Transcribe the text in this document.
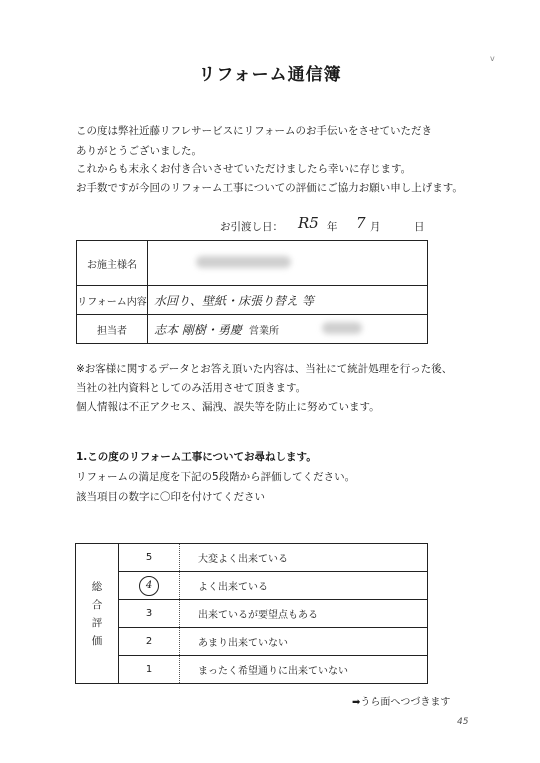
v
リフォーム通信簿
この度は弊社近藤リフレサービスにリフォームのお手伝いをさせていただき
ありがとうございました。
これからも末永くお付き合いさせていただけましたら幸いに存じます。
お手数ですが今回のリフォーム工事についての評価にご協力お願い申し上げます。
お引渡し日： R5 年 7 月	日
お施主様名	
リフォーム内容	水回り、壁紙・床張り替え 等
担当者	志本 剛樹・勇慶 営業所
※お客様に関するデータとお答え頂いた内容は、当社にて統計処理を行った後、
当社の社内資料としてのみ活用させて頂きます。
個人情報は不正アクセス、漏洩、誤失等を防止に努めています。
1.この度のリフォーム工事についてお尋ねします。
リフォームの満足度を下記の5段階から評価してください。
該当項目の数字に〇印を付けてください
総
合
評
価	5	大変よく出来ている
	4	よく出来ている
	3	出来ているが要望点もある
	2	あまり出来ていない
	1	まったく希望通りに出来ていない
➡うら面へつづきます
45
